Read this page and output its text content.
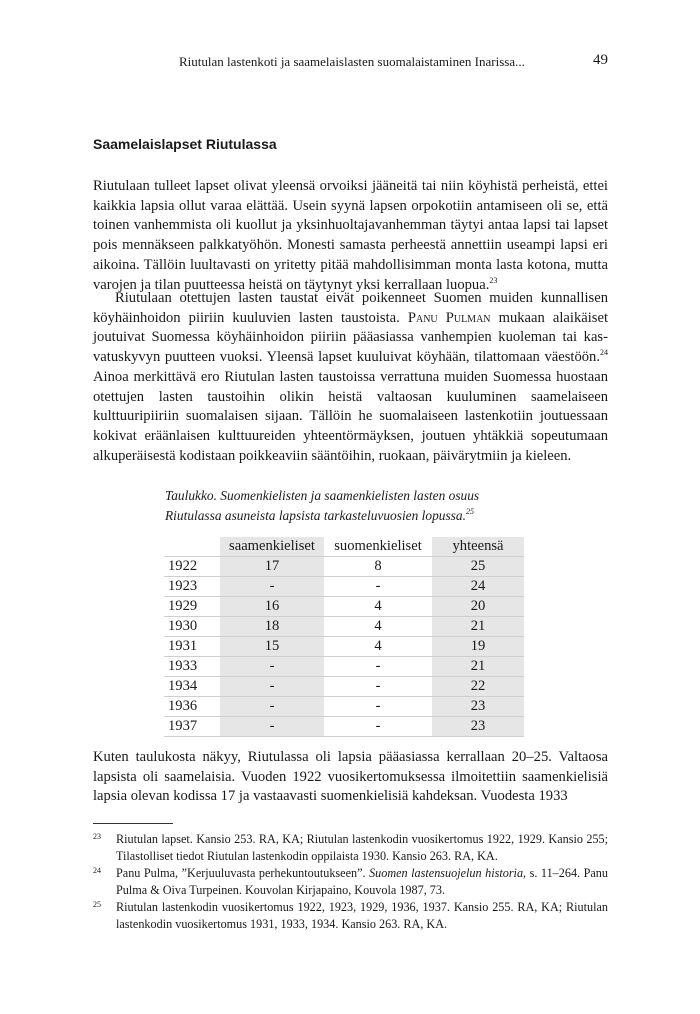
Riutulan lastenkoti ja saamelaislasten suomalaistaminen Inarissa...	49
Saamelaislapset Riutulassa

Riutulaan tulleet lapset olivat yleensä orvoiksi jääneitä tai niin köyhistä perheistä, ettei kaikkia lapsia ollut varaa elättää. Usein syynä lapsen orpokotiin antamiseen oli se, että toinen vanhemmista oli kuollut ja yksinhuoltajavanhemman täytyi antaa lapsi tai lapset pois mennäkseen palkkatyöhön. Monesti samasta perheestä annettiin useampi lapsi eri aikoina. Tällöin luultavasti on yritetty pitää mahdollisimman monta lasta kotona, mutta varojen ja tilan puutteessa heistä on täytynyt yksi kerrallaan luopua.$^{23}$

Riutulaan otettujen lasten taustat eivät poikenneet Suomen muiden kunnallisen köyhäinhoidon piiriin kuuluvien lasten taustoista. Panu Pulman mukaan alaikäiset joutuivat Suomessa köyhäinhoidon piiriin pääasiassa vanhempien kuoleman tai kasvatuskyvyn puutteen vuoksi. Yleensä lapset kuuluivat köyhään, tilattomaan väestöön.$^{24}$ Ainoa merkittävä ero Riutulan lasten taustoissa verrattuna muiden Suomessa huostaan otettujen lasten taustoihin olikin heistä valtaosan kuuluminen saamelaiseen kulttuuripiiriin suomalaisen sijaan. Tällöin he suomalaiseen lastenkotiin joutuessaan kokivat eräänlaisen kulttuureiden yhteentörmäyksen, joutuen yhtäkkiä sopeutumaan alkuperäisestä kodistaan poikkeaviin sääntöihin, ruokaan, päivärytmiin ja kieleen.

Taulukko. Suomenkielisten ja saamenkielisten lasten osuus Riutulassa asuneista lapsista tarkasteluvuosien lopussa.$^{25}$

	saamenkieliset	suomenkieliset	yhteensä
1922	17	8	25
1923	-	-	24
1929	16	4	20
1930	18	4	21
1931	15	4	19
1933	-	-	21
1934	-	-	22
1936	-	-	23
1937	-	-	23

Kuten taulukosta näkyy, Riutulassa oli lapsia pääasiassa kerrallaan 20–25. Valtaosa lapsista oli saamelaisia. Vuoden 1922 vuosikertomuksessa ilmoitettiin saamenkielisiä lapsia olevan kodissa 17 ja vastaavasti suomenkielisiä kahdeksan. Vuodesta 1933

23	Riutulan lapset. Kansio 253. RA, KA; Riutulan lastenkodin vuosikertomus 1922, 1929. Kansio 255; Tilastolliset tiedot Riutulan lastenkodin oppilaista 1930. Kansio 263. RA, KA.
24	Panu Pulma, ”Kerjuuluvasta perhekuntoutukseen”. Suomen lastensuojelun historia, s. 11–264. Panu Pulma & Oiva Turpeinen. Kouvolan Kirjapaino, Kouvola 1987, 73.
25	Riutulan lastenkodin vuosikertomus 1922, 1923, 1929, 1936, 1937. Kansio 255. RA, KA; Riutulan lastenkodin vuosikertomus 1931, 1933, 1934. Kansio 263. RA, KA.
